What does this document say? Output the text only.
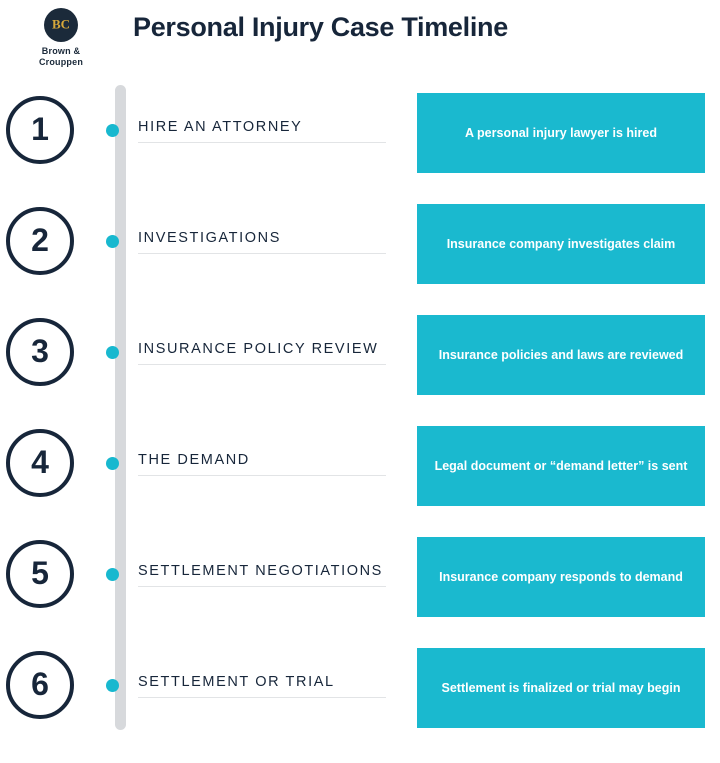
BC
Brown &
Crouppen
Personal Injury Case Timeline
1	HIRE AN ATTORNEY	A personal injury lawyer is hired
2	INVESTIGATIONS	Insurance company investigates claim
3	INSURANCE POLICY REVIEW	Insurance policies and laws are reviewed
4	THE DEMAND	Legal document or “demand letter” is sent
5	SETTLEMENT NEGOTIATIONS	Insurance company responds to demand
6	SETTLEMENT OR TRIAL	Settlement is finalized or trial may begin
